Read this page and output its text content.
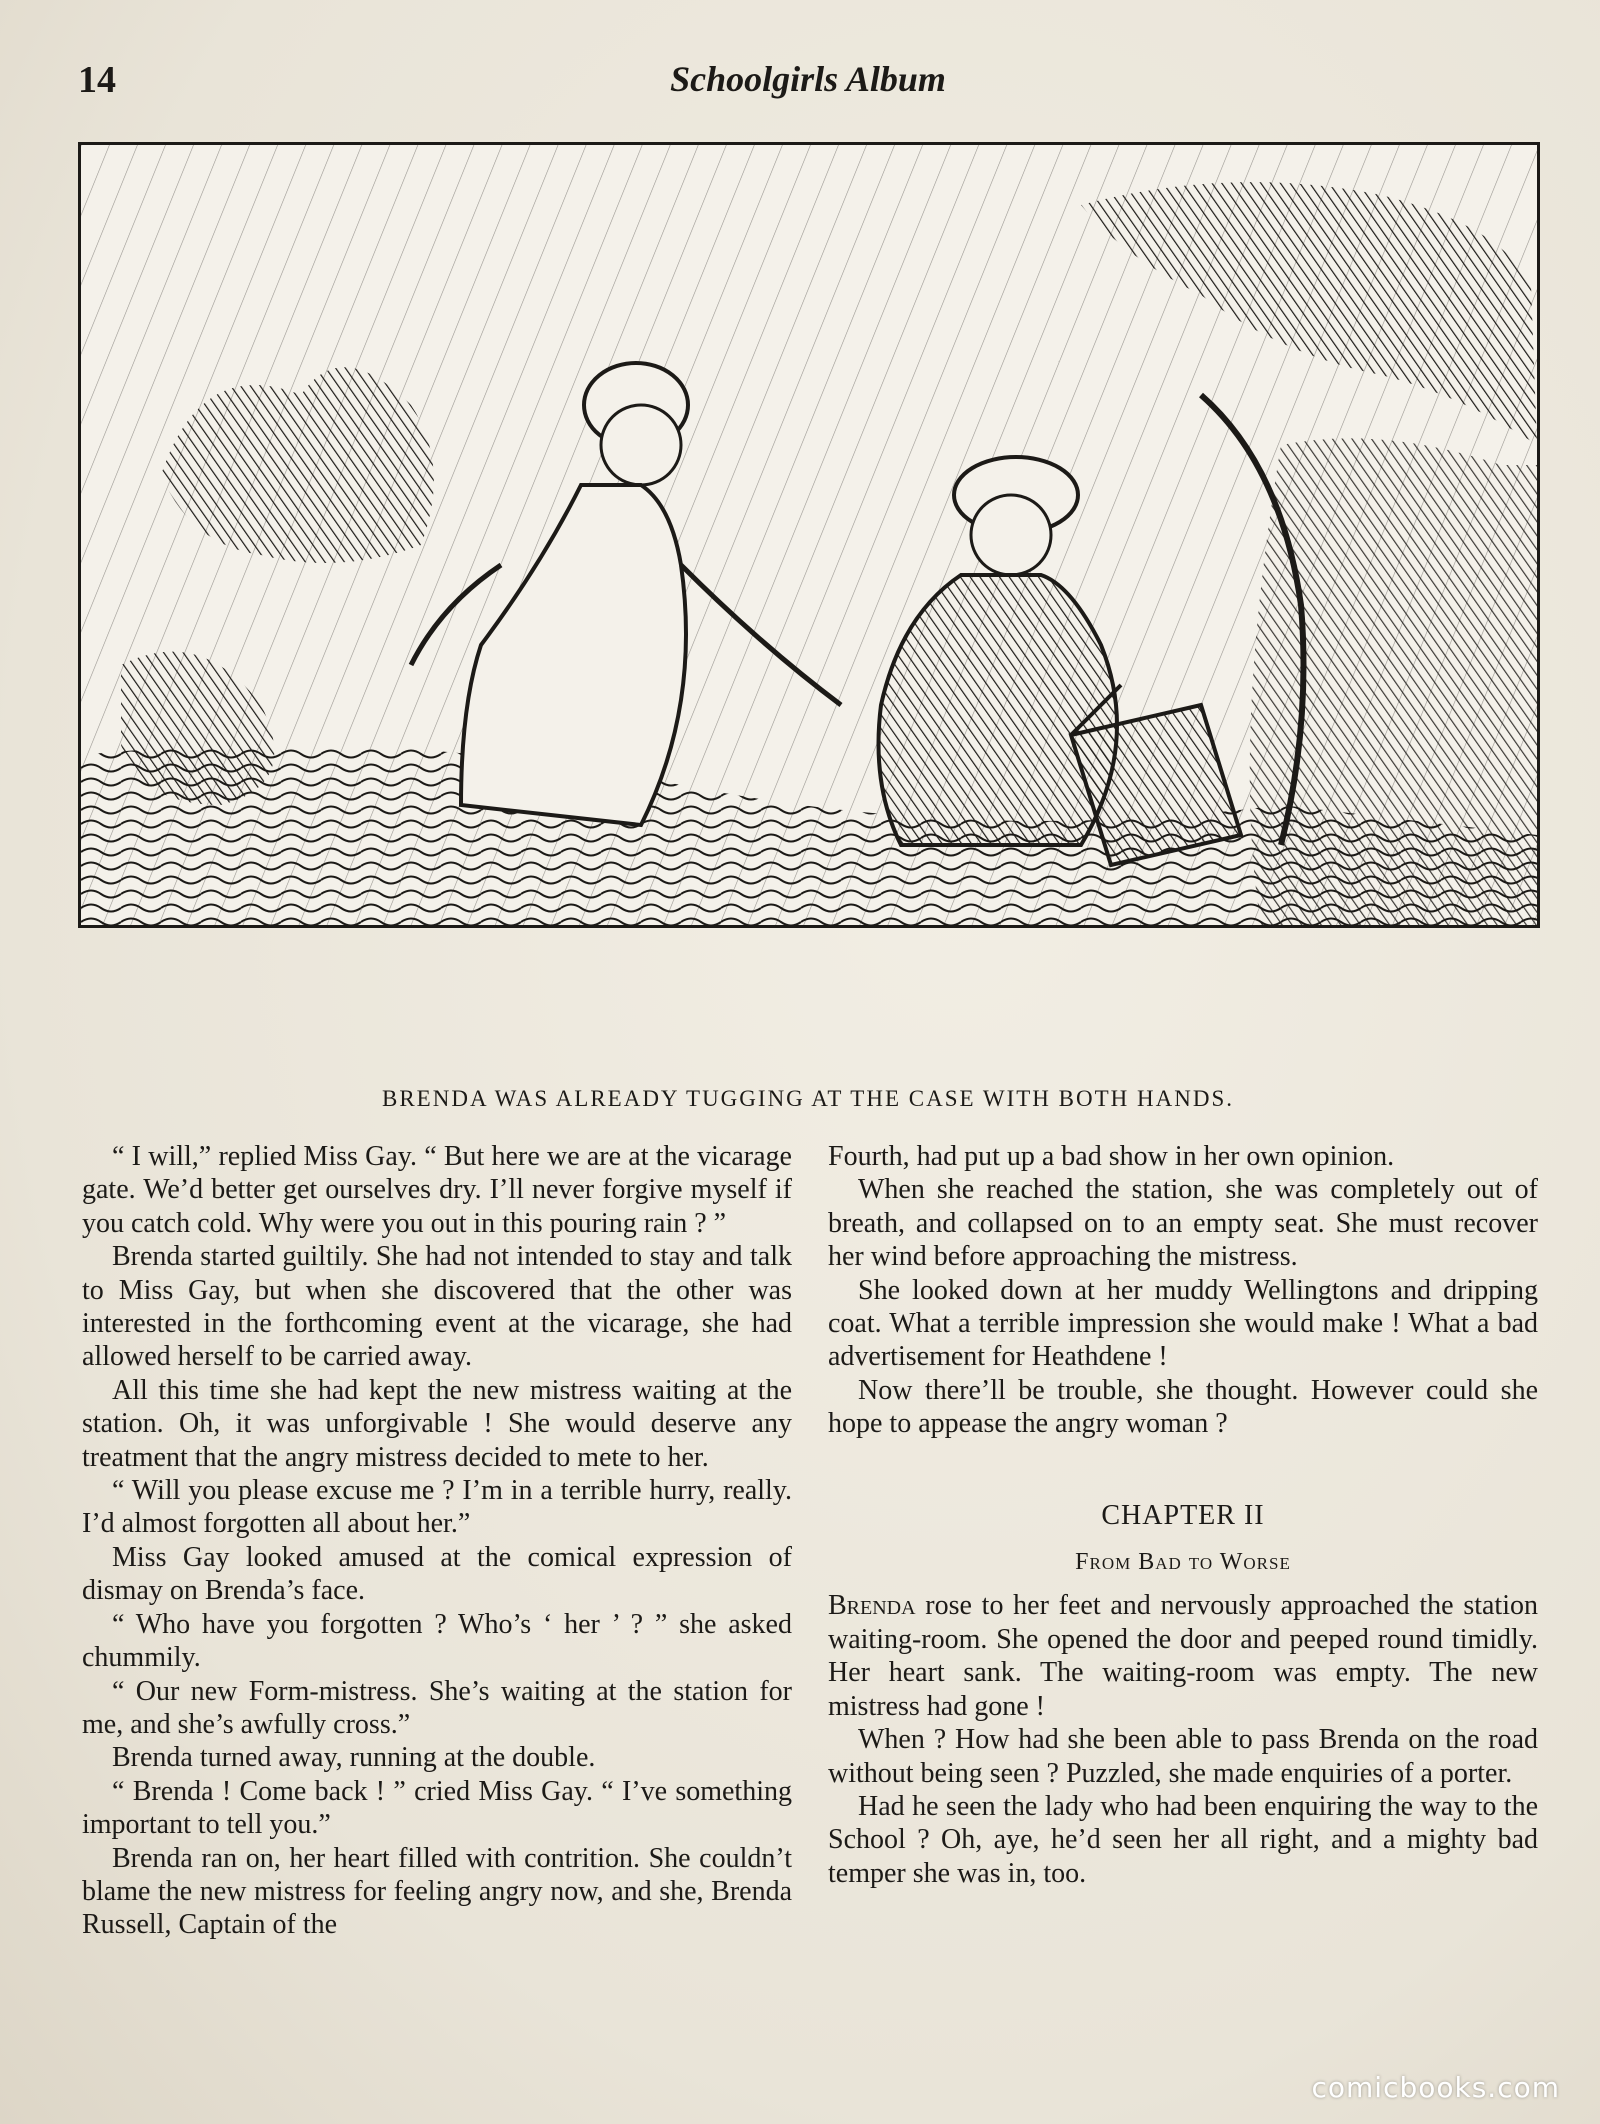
14	Schoolgirls Album
BRENDA WAS ALREADY TUGGING AT THE CASE WITH BOTH HANDS.

“ I will,” replied Miss Gay. “ But here we are at the vicarage gate. We’d better get ourselves dry. I’ll never forgive myself if you catch cold. Why were you out in this pouring rain ? ”

Brenda started guiltily. She had not intended to stay and talk to Miss Gay, but when she discovered that the other was interested in the forthcoming event at the vicarage, she had allowed herself to be carried away.

All this time she had kept the new mistress waiting at the station. Oh, it was unforgivable ! She would deserve any treatment that the angry mistress decided to mete to her.

“ Will you please excuse me ? I’m in a terrible hurry, really. I’d almost forgotten all about her.”

Miss Gay looked amused at the comical expression of dismay on Brenda’s face.

“ Who have you forgotten ? Who’s ‘ her ’ ? ” she asked chummily.

“ Our new Form-mistress. She’s waiting at the station for me, and she’s awfully cross.”

Brenda turned away, running at the double.

“ Brenda ! Come back ! ” cried Miss Gay. “ I’ve something important to tell you.”

Brenda ran on, her heart filled with contrition. She couldn’t blame the new mistress for feeling angry now, and she, Brenda Russell, Captain of the

Fourth, had put up a bad show in her own opinion.

When she reached the station, she was completely out of breath, and collapsed on to an empty seat. She must recover her wind before approaching the mistress.

She looked down at her muddy Wellingtons and dripping coat. What a terrible impression she would make ! What a bad advertisement for Heathdene !

Now there’ll be trouble, she thought. However could she hope to appease the angry woman ?

CHAPTER II
From Bad to Worse

Brenda rose to her feet and nervously approached the station waiting-room. She opened the door and peeped round timidly. Her heart sank. The waiting-room was empty. The new mistress had gone !

When ? How had she been able to pass Brenda on the road without being seen ? Puzzled, she made enquiries of a porter.

Had he seen the lady who had been enquiring the way to the School ? Oh, aye, he’d seen her all right, and a mighty bad temper she was in, too.

comicbooks.com
